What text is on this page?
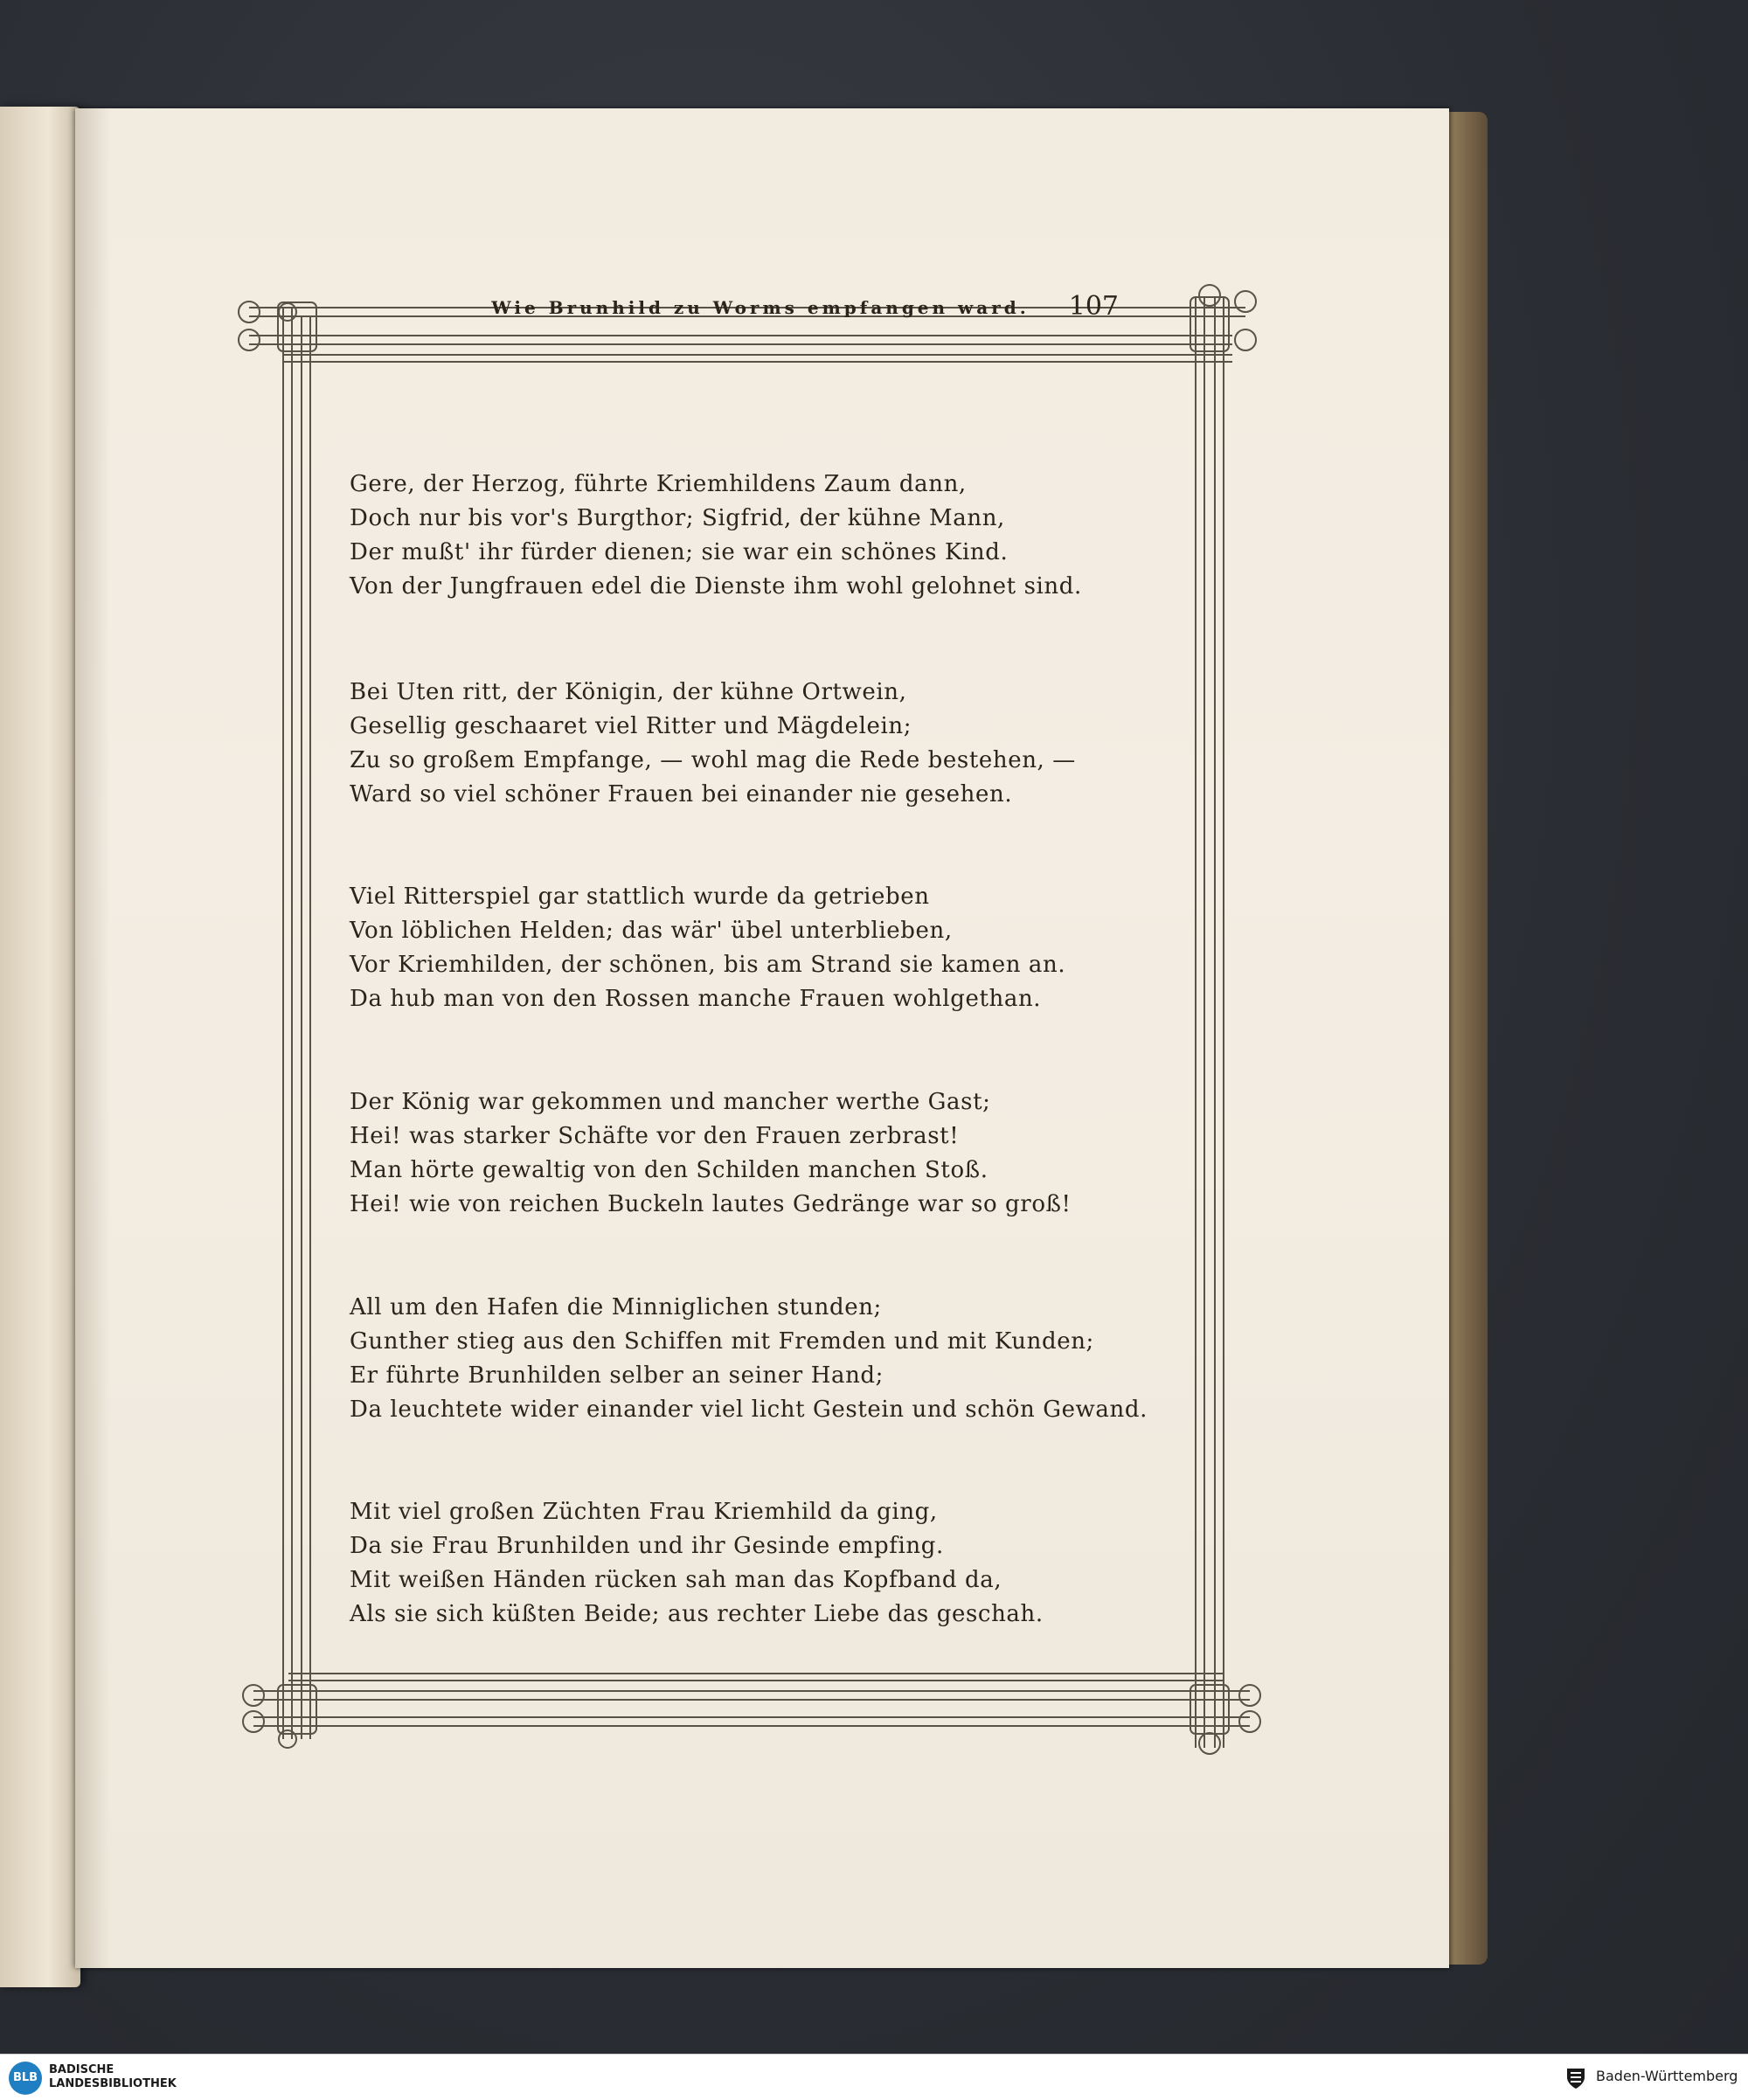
Wie Brunhild zu Worms empfangen ward.	107
Gere, der Herzog, führte Kriemhildens Zaum dann,
Doch nur bis vor's Burgthor; Sigfrid, der kühne Mann,
Der mußt' ihr fürder dienen; sie war ein schönes Kind.
Von der Jungfrauen edel die Dienste ihm wohl gelohnet sind.
Bei Uten ritt, der Königin, der kühne Ortwein,
Gesellig geschaaret viel Ritter und Mägdelein;
Zu so großem Empfange, — wohl mag die Rede bestehen, —
Ward so viel schöner Frauen bei einander nie gesehen.
Viel Ritterspiel gar stattlich wurde da getrieben
Von löblichen Helden; das wär' übel unterblieben,
Vor Kriemhilden, der schönen, bis am Strand sie kamen an.
Da hub man von den Rossen manche Frauen wohlgethan.
Der König war gekommen und mancher werthe Gast;
Hei! was starker Schäfte vor den Frauen zerbrast!
Man hörte gewaltig von den Schilden manchen Stoß.
Hei! wie von reichen Buckeln lautes Gedränge war so groß!
All um den Hafen die Minniglichen stunden;
Gunther stieg aus den Schiffen mit Fremden und mit Kunden;
Er führte Brunhilden selber an seiner Hand;
Da leuchtete wider einander viel licht Gestein und schön Gewand.
Mit viel großen Züchten Frau Kriemhild da ging,
Da sie Frau Brunhilden und ihr Gesinde empfing.
Mit weißen Händen rücken sah man das Kopfband da,
Als sie sich küßten Beide; aus rechter Liebe das geschah.
BLB
BADISCHE
LANDESBIBLIOTHEK	Baden-Württemberg
